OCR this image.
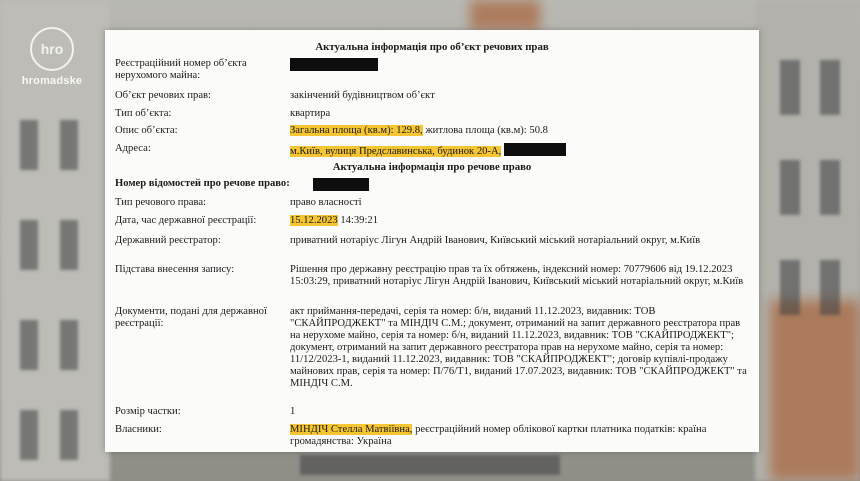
hro
hromadske
Актуальна інформація про об’єкт речових прав
Реєстраційний номер об’єкта нерухомого майна:
Об’єкт речових прав:	закінчений будівництвом об’єкт
Тип об’єкта:	квартира
Опис об’єкта:	Загальна площа (кв.м): 129.8, житлова площа (кв.м): 50.8
Адреса:	м.Київ, вулиця Предславинська, будинок 20-А,
Актуальна інформація про речове право
Номер відомостей про речове право:
Тип речового права:	право власності
Дата, час державної реєстрації:	15.12.2023 14:39:21
Державний реєстратор:	приватний нотаріус Лігун Андрій Іванович, Київський міський нотаріальний округ, м.Київ
Підстава внесення запису:	Рішення про державну реєстрацію прав та їх обтяжень, індексний номер: 70779606 від 19.12.2023 15:03:29, приватний нотаріус Лігун Андрій Іванович, Київський міський нотаріальний округ, м.Київ
Документи, подані для державної реєстрації:
акт приймання-передачі, серія та номер: б/н, виданий 11.12.2023, видавник: ТОВ "СКАЙПРОДЖЕКТ" та МІНДІЧ С.М.; документ, отриманий на запит державного реєстратора прав на нерухоме майно, серія та номер: б/н, виданий 11.12.2023, видавник: ТОВ "СКАЙПРОДЖЕКТ"; документ, отриманий на запит державного реєстратора прав на нерухоме майно, серія та номер: 11/12/2023-1, виданий 11.12.2023, видавник: ТОВ "СКАЙПРОДЖЕКТ"; договір купівлі-продажу майнових прав, серія та номер: П/76/Т1, виданий 17.07.2023, видавник: ТОВ "СКАЙПРОДЖЕКТ" та МІНДІЧ С.М.
Розмір частки:	1
Власники:	МІНДІЧ Стелла Матвіївна, реєстраційний номер облікової картки платника податків: країна громадянства: Україна
